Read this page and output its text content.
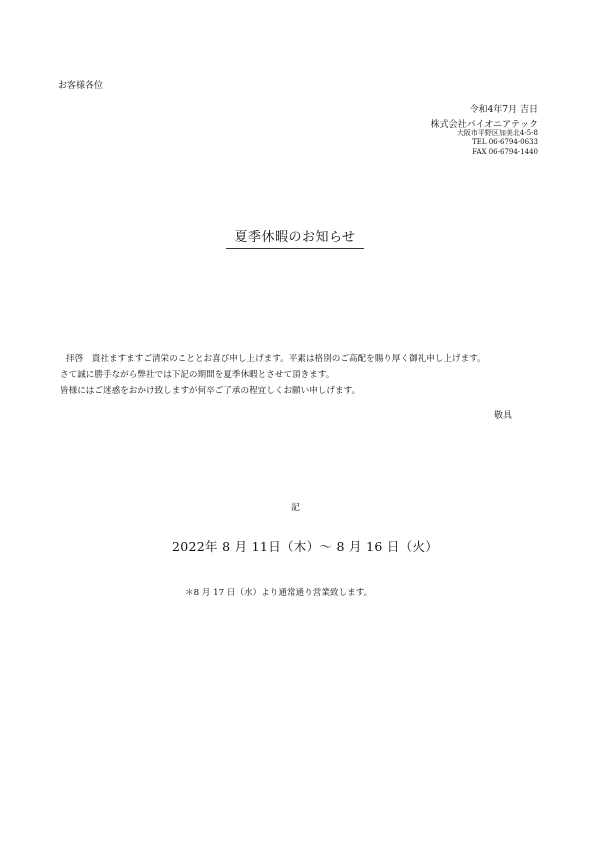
お客様各位
令和4年7月 吉日
株式会社パイオニアテック
大阪市平野区加美北4-5-8
TEL 06-6794-0633
FAX 06-6794-1440
夏季休暇のお知らせ
拝啓　貴社ますますご清栄のこととお喜び申し上げます。平素は格別のご高配を賜り厚く御礼申し上げます。
さて誠に勝手ながら弊社では下記の期間を夏季休暇とさせて頂きます。
皆様にはご迷惑をおかけ致しますが何卒ご了承の程宜しくお願い申しげます。
敬具
記
2022年 8 月 11日（木）～ 8 月 16 日（火）
＊8 月 17 日（水）より通常通り営業致します。
